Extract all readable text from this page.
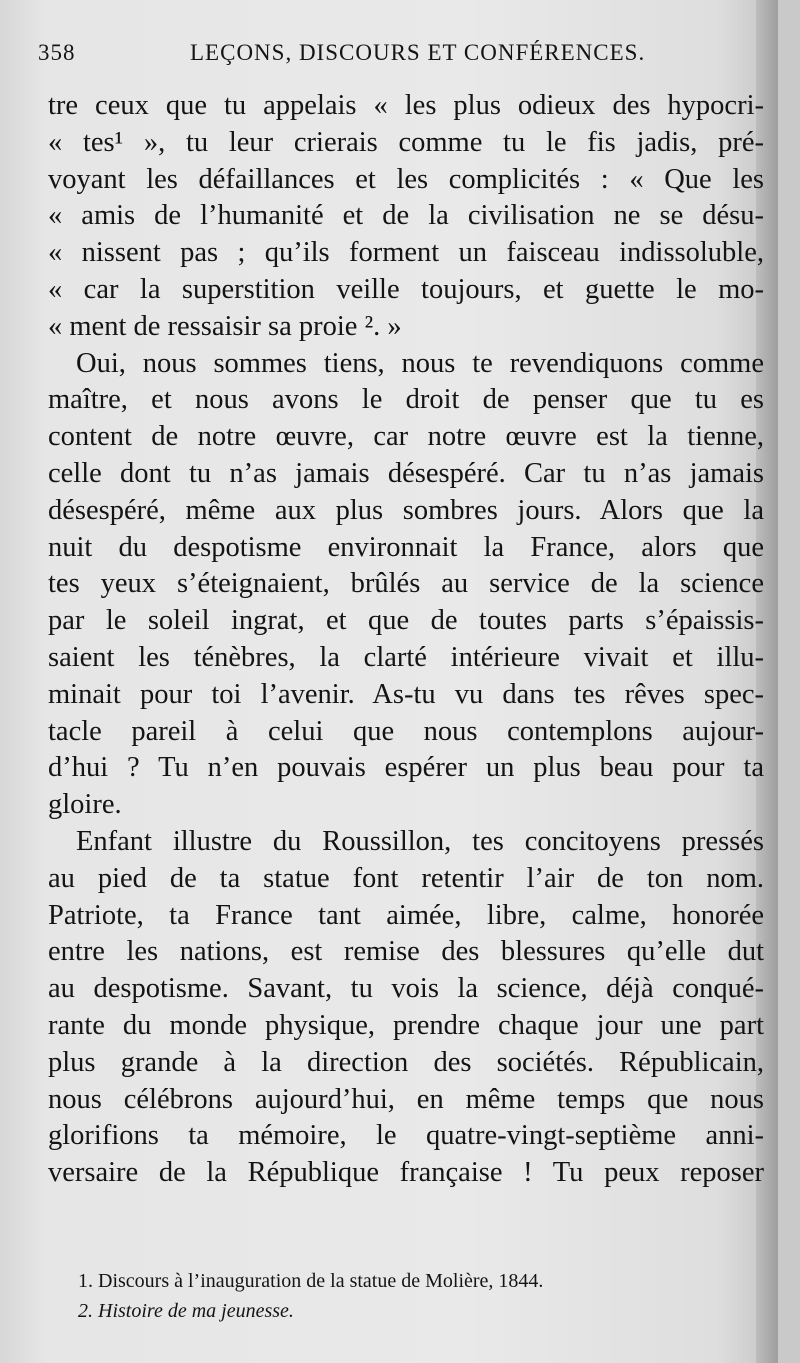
358	LEÇONS, DISCOURS ET CONFÉRENCES.

tre ceux que tu appelais « les plus odieux des hypocri-
« tes¹ », tu leur crierais comme tu le fis jadis, pré-
voyant les défaillances et les complicités : « Que les
« amis de l’humanité et de la civilisation ne se désu-
« nissent pas ; qu’ils forment un faisceau indissoluble,
« car la superstition veille toujours, et guette le mo-
« ment de ressaisir sa proie ². »

Oui, nous sommes tiens, nous te revendiquons comme
maître, et nous avons le droit de penser que tu es
content de notre œuvre, car notre œuvre est la tienne,
celle dont tu n’as jamais désespéré. Car tu n’as jamais
désespéré, même aux plus sombres jours. Alors que la
nuit du despotisme environnait la France, alors que
tes yeux s’éteignaient, brûlés au service de la science
par le soleil ingrat, et que de toutes parts s’épaissis-
saient les ténèbres, la clarté intérieure vivait et illu-
minait pour toi l’avenir. As-tu vu dans tes rêves spec-
tacle pareil à celui que nous contemplons aujour-
d’hui ? Tu n’en pouvais espérer un plus beau pour ta
gloire.

Enfant illustre du Roussillon, tes concitoyens pressés
au pied de ta statue font retentir l’air de ton nom.
Patriote, ta France tant aimée, libre, calme, honorée
entre les nations, est remise des blessures qu’elle dut
au despotisme. Savant, tu vois la science, déjà conqué-
rante du monde physique, prendre chaque jour une part
plus grande à la direction des sociétés. Républicain,
nous célébrons aujourd’hui, en même temps que nous
glorifions ta mémoire, le quatre-vingt-septième anni-
versaire de la République française ! Tu peux reposer

1. Discours à l’inauguration de la statue de Molière, 1844.

2. Histoire de ma jeunesse.
